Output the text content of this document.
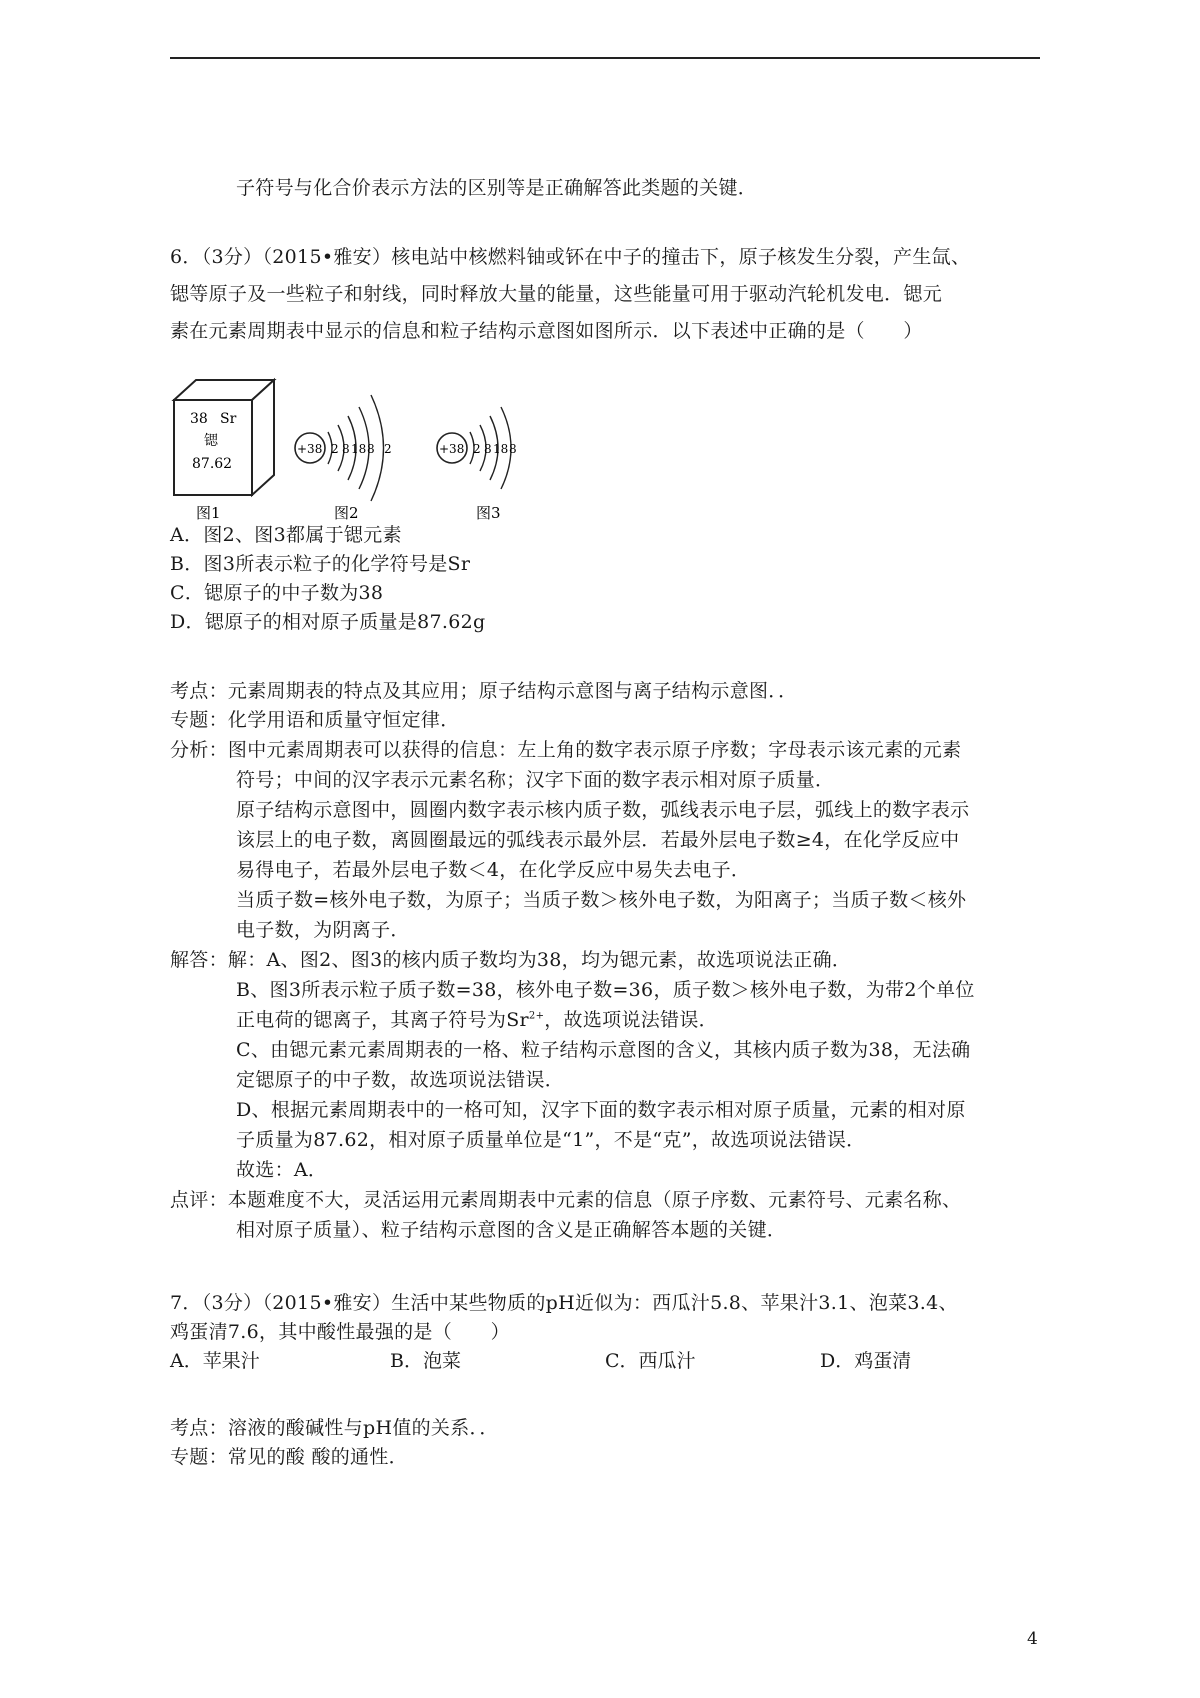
子符号与化合价表示方法的区别等是正确解答此类题的关键．
6．（3分）（2015•雅安）核电站中核燃料铀或钚在中子的撞击下，原子核发生分裂，产生氙、
锶等原子及一些粒子和射线，同时释放大量的能量，这些能量可用于驱动汽轮机发电．锶元
素在元素周期表中显示的信息和粒子结构示意图如图所示．以下表述中正确的是（　　）
38 Sr
锶
87.62
图1
+38 2 8 18 8 2
图2
+38 2 8 18 8
图3
A．图2、图3都属于锶元素
B．图3所表示粒子的化学符号是Sr
C．锶原子的中子数为38
D．锶原子的相对原子质量是87.62g
考点：元素周期表的特点及其应用；原子结构示意图与离子结构示意图．．
专题：化学用语和质量守恒定律．
分析：图中元素周期表可以获得的信息：左上角的数字表示原子序数；字母表示该元素的元素
符号；中间的汉字表示元素名称；汉字下面的数字表示相对原子质量．
原子结构示意图中，圆圈内数字表示核内质子数，弧线表示电子层，弧线上的数字表示
该层上的电子数，离圆圈最远的弧线表示最外层．若最外层电子数≥4，在化学反应中
易得电子，若最外层电子数＜4，在化学反应中易失去电子．
当质子数=核外电子数，为原子；当质子数＞核外电子数，为阳离子；当质子数＜核外
电子数，为阴离子．
解答：解：A、图2、图3的核内质子数均为38，均为锶元素，故选项说法正确．
B、图3所表示粒子质子数=38，核外电子数=36，质子数＞核外电子数，为带2个单位
正电荷的锶离子，其离子符号为$Sr^{2+}$，故选项说法错误．
C、由锶元素元素周期表的一格、粒子结构示意图的含义，其核内质子数为38，无法确
定锶原子的中子数，故选项说法错误．
D、根据元素周期表中的一格可知，汉字下面的数字表示相对原子质量，元素的相对原
子质量为87.62，相对原子质量单位是“1”，不是“克”，故选项说法错误．
故选：A．
点评：本题难度不大，灵活运用元素周期表中元素的信息（原子序数、元素符号、元素名称、
相对原子质量）、粒子结构示意图的含义是正确解答本题的关键．
7．（3分）（2015•雅安）生活中某些物质的pH近似为：西瓜汁5.8、苹果汁3.1、泡菜3.4、
鸡蛋清7.6，其中酸性最强的是（　　）
A．苹果汁	B．泡菜	C．西瓜汁	D．鸡蛋清
考点：溶液的酸碱性与pH值的关系．．
专题：常见的酸 酸的通性．
4
